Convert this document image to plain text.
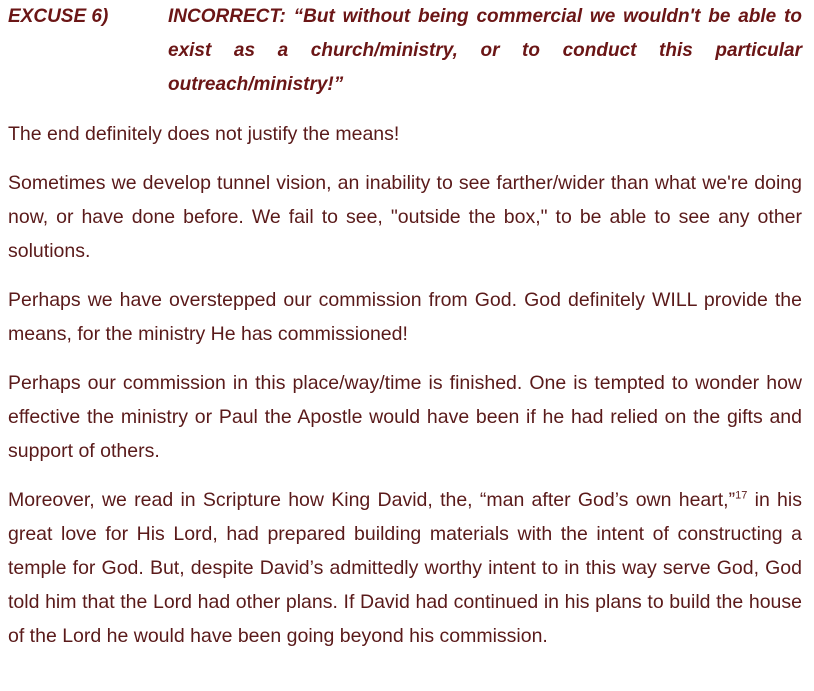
EXCUSE 6)	INCORRECT: “But without being commercial we wouldn't be able to exist as a church/ministry, or to conduct this particular outreach/ministry!”

The end definitely does not justify the means!

Sometimes we develop tunnel vision, an inability to see farther/wider than what we're doing now, or have done before. We fail to see, "outside the box," to be able to see any other solutions.

Perhaps we have overstepped our commission from God. God definitely WILL provide the means, for the ministry He has commissioned!

Perhaps our commission in this place/way/time is finished. One is tempted to wonder how effective the ministry or Paul the Apostle would have been if he had relied on the gifts and support of others.

Moreover, we read in Scripture how King David, the, “man after God’s own heart,”$^{17}$ in his great love for His Lord, had prepared building materials with the intent of constructing a temple for God. But, despite David’s admittedly worthy intent to in this way serve God, God told him that the Lord had other plans. If David had continued in his plans to build the house of the Lord he would have been going beyond his commission.
